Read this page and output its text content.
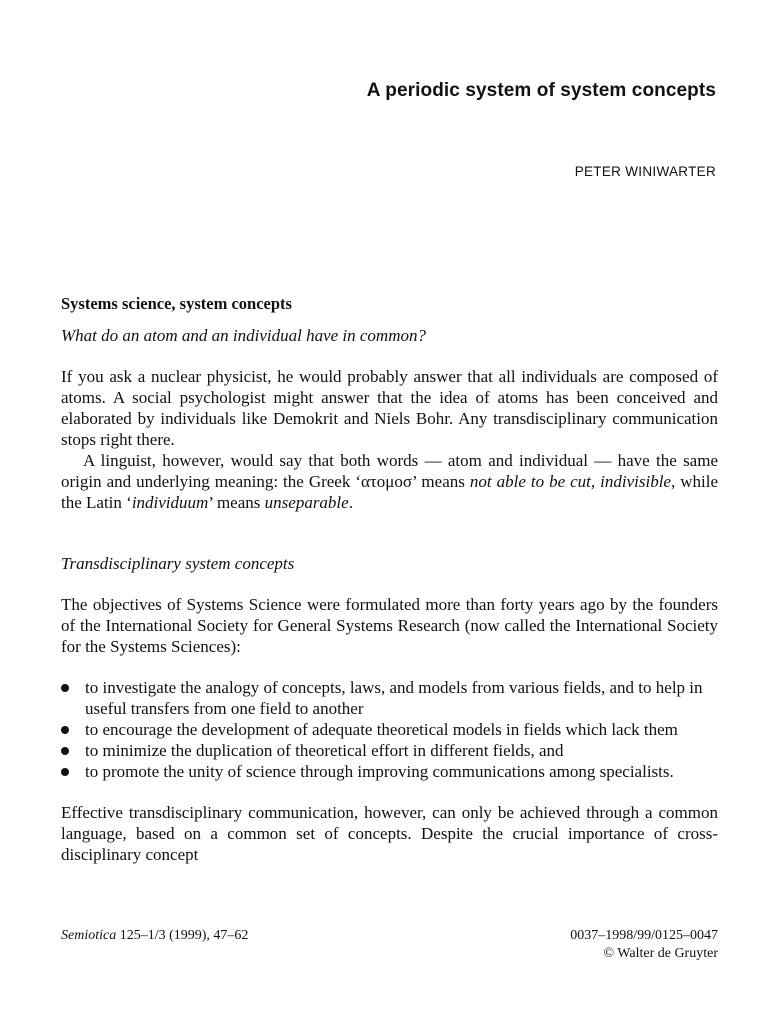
A periodic system of system concepts
PETER WINIWARTER

Systems science, system concepts

What do an atom and an individual have in common?

If you ask a nuclear physicist, he would probably answer that all individuals are composed of atoms. A social psychologist might answer that the idea of atoms has been conceived and elaborated by individuals like Demokrit and Niels Bohr. Any transdisciplinary communication stops right there.

A linguist, however, would say that both words — atom and individual — have the same origin and underlying meaning: the Greek ‘ατομοσ’ means not able to be cut, indivisible, while the Latin ‘individuum’ means unseparable.

Transdisciplinary system concepts

The objectives of Systems Science were formulated more than forty years ago by the founders of the International Society for General Systems Research (now called the International Society for the Systems Sciences):

to investigate the analogy of concepts, laws, and models from various fields, and to help in useful transfers from one field to another
to encourage the development of adequate theoretical models in fields which lack them
to minimize the duplication of theoretical effort in different fields, and
to promote the unity of science through improving communications among specialists.

Effective transdisciplinary communication, however, can only be achieved through a common language, based on a common set of concepts. Despite the crucial importance of cross-disciplinary concept

Semiotica 125–1/3 (1999), 47–62	0037–1998/99/0125–0047
© Walter de Gruyter
